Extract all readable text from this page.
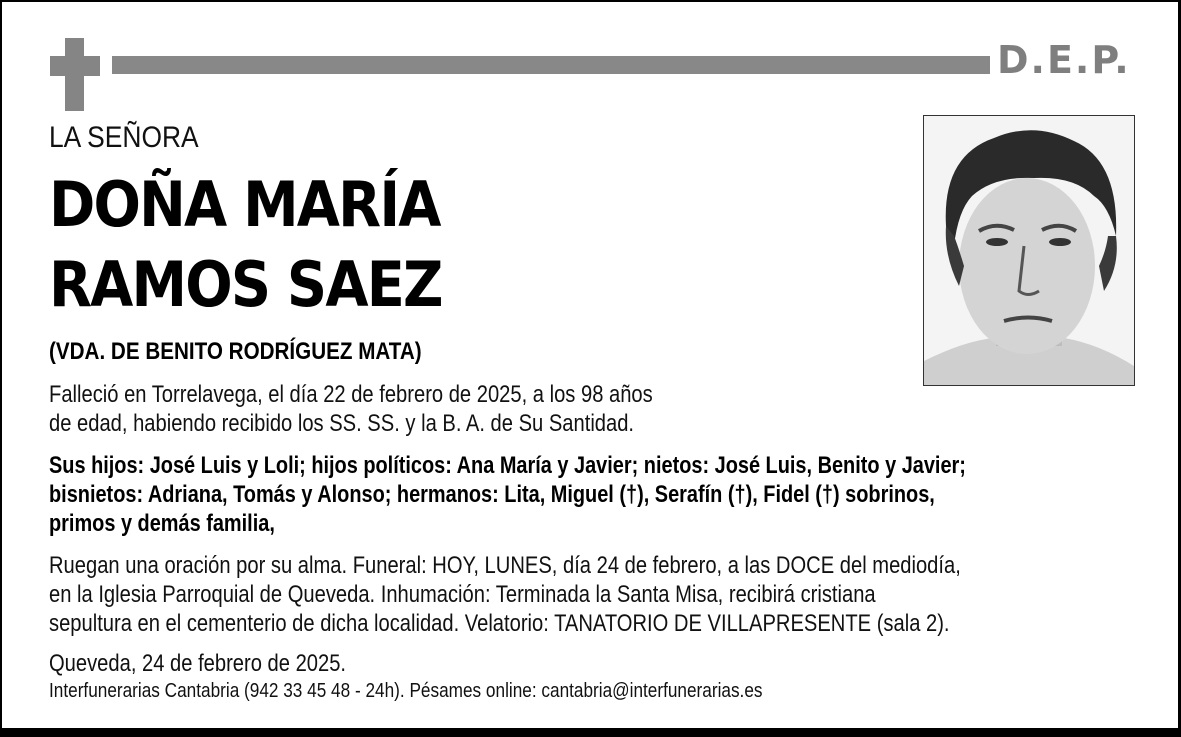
D.E.P.
LA SEÑORA
DOÑA MARÍA
RAMOS SAEZ
(VDA. DE BENITO RODRÍGUEZ MATA)
Falleció en Torrelavega, el día 22 de febrero de 2025, a los 98 años
de edad, habiendo recibido los SS. SS. y la B. A. de Su Santidad.
Sus hijos: José Luis y Loli; hijos políticos: Ana María y Javier; nietos: José Luis, Benito y Javier;
bisnietos: Adriana, Tomás y Alonso; hermanos: Lita, Miguel (†), Serafín (†), Fidel (†) sobrinos,
primos y demás familia,
Ruegan una oración por su alma. Funeral: HOY, LUNES, día 24 de febrero, a las DOCE del mediodía,
en la Iglesia Parroquial de Queveda. Inhumación: Terminada la Santa Misa, recibirá cristiana
sepultura en el cementerio de dicha localidad. Velatorio: TANATORIO DE VILLAPRESENTE (sala 2).
Queveda, 24 de febrero de 2025.
Interfunerarias Cantabria (942 33 45 48 - 24h). Pésames online: cantabria@interfunerarias.es
